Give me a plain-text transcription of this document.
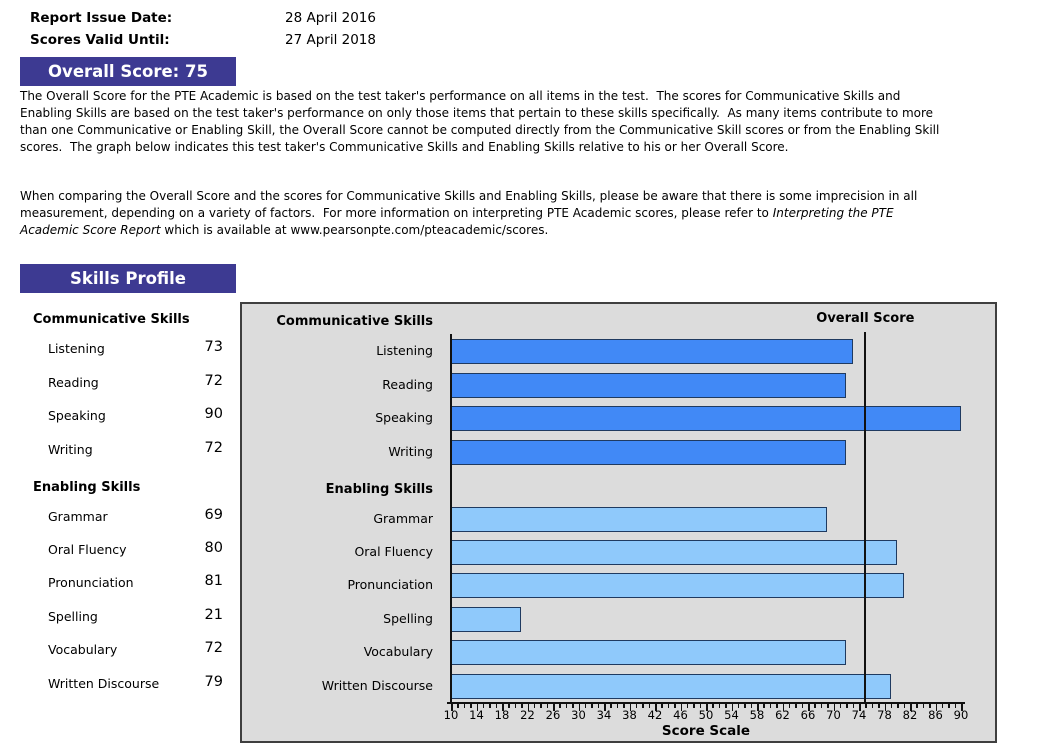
Report Issue Date:	28 April 2016
Scores Valid Until:	27 April 2018
Overall Score: 75

The Overall Score for the PTE Academic is based on the test taker's performance on all items in the test.  The scores for Communicative Skills and Enabling Skills are based on the test taker's performance on only those items that pertain to these skills specifically.  As many items contribute to more than one Communicative or Enabling Skill, the Overall Score cannot be computed directly from the Communicative Skill scores or from the Enabling Skill scores.  The graph below indicates this test taker's Communicative Skills and Enabling Skills relative to his or her Overall Score.

When comparing the Overall Score and the scores for Communicative Skills and Enabling Skills, please be aware that there is some imprecision in all measurement, depending on a variety of factors.  For more information on interpreting PTE Academic scores, please refer to Interpreting the PTE Academic Score Report which is available at www.pearsonpte.com/pteacademic/scores.

Skills Profile
Communicative Skills
Listening	73
Reading	72
Speaking	90
Writing	72
Enabling Skills
Grammar	69
Oral Fluency	80
Pronunciation	81
Spelling	21
Vocabulary	72
Written Discourse	79
Communicative Skills
Listening
Reading
Speaking
Writing
Enabling Skills
Grammar
Oral Fluency
Pronunciation
Spelling
Vocabulary
Written Discourse
Overall Score
10 14 18 22 26 30 34 38 42 46 50 54 58 62 66 70 74 78 82 86 90
Score Scale
